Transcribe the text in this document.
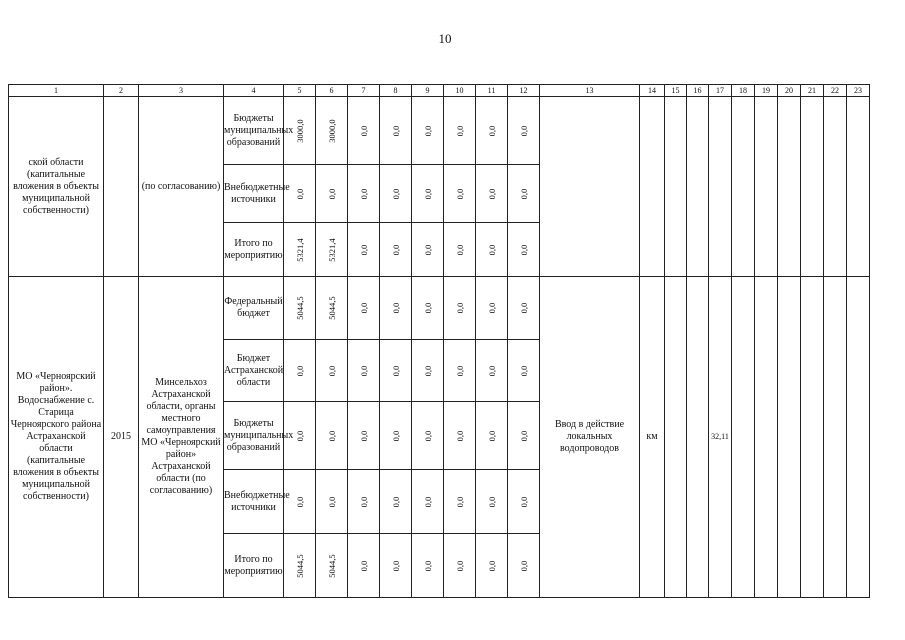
10
1	2	3	4	5	6	7	8	9	10	11	12	13	14	15	16	17	18	19	20	21	22	23
ской области (капитальные вложения в объекты муниципальной собственности)		(по согласованию)	Бюджеты муниципальных образований	3000,0	3000,0	0,0	0,0	0,0	0,0	0,0	0,0											

			Внебюджетные источники	0,0	0,0	0,0	0,0	0,0	0,0	0,0	0,0											

			Итого по мероприятию	5321,4	5321,4	0,0	0,0	0,0	0,0	0,0	0,0											

МО «Черноярский район». Водоснабжение с. Старица Черноярского района Астраханской области (капитальные вложения в объекты муниципальной собственности)	2015	Минсельхоз Астраханской области, органы местного самоуправления МО «Черноярский район» Астраханской области (по согласованию)	Федеральный бюджет	5044,5	5044,5	0,0	0,0	0,0	0,0	0,0	0,0	Ввод в действие локальных водопроводов	км			32,11						
			Бюджет Астраханской области	0,0	0,0	0,0	0,0	0,0	0,0	0,0	0,0											

			Бюджеты муниципальных образований	0,0	0,0	0,0	0,0	0,0	0,0	0,0	0,0											

			Внебюджетные источники	0,0	0,0	0,0	0,0	0,0	0,0	0,0	0,0											

			Итого по мероприятию	5044,5	5044,5	0,0	0,0	0,0	0,0	0,0	0,0											
